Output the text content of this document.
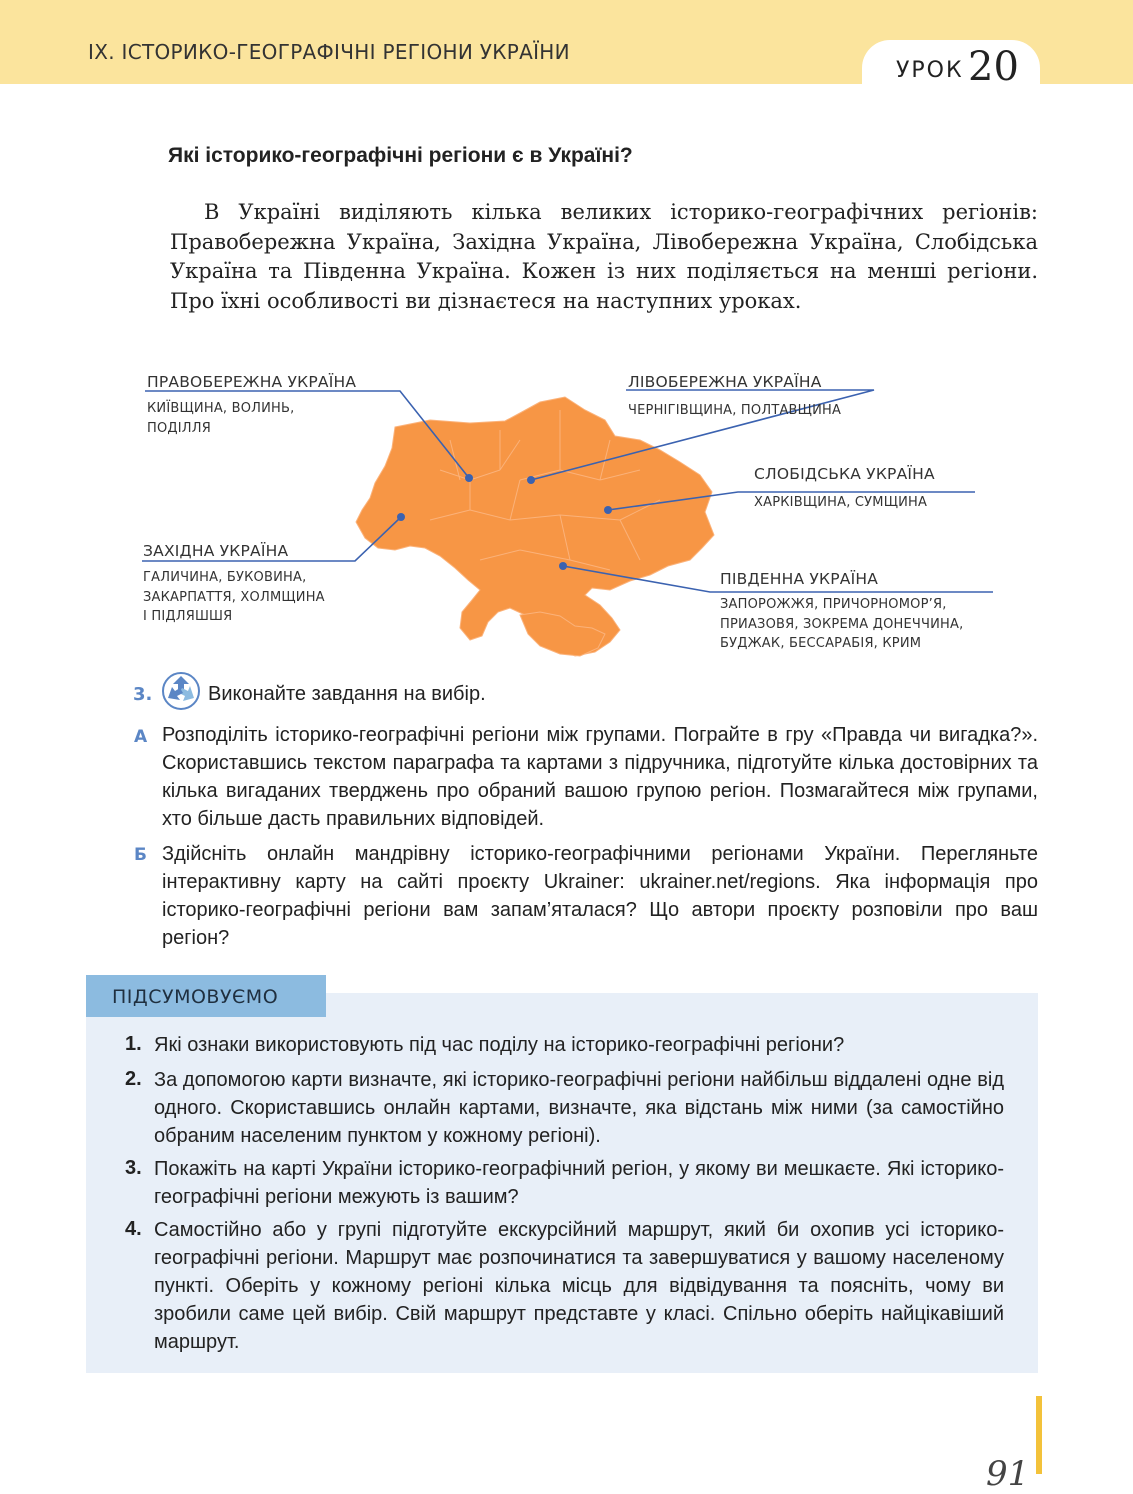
IX. ІСТОРИКО-ГЕОГРАФІЧНІ РЕГІОНИ УКРАЇНИ
УРОК 20
Які історико-географічні регіони є в Україні?
В Україні виділяють кілька великих історико-географічних регіонів: Правобережна Україна, Західна Україна, Лівобережна Україна, Слобідська Україна та Південна Україна. Кожен із них поділяється на менші регіони. Про їхні особливості ви дізнаєтеся на наступних уроках.
ПРАВОБЕРЕЖНА УКРАЇНА
КИЇВЩИНА, ВОЛИНЬ,
ПОДІЛЛЯ
ЛІВОБЕРЕЖНА УКРАЇНА
ЧЕРНІГІВЩИНА, ПОЛТАВЩИНА
СЛОБІДСЬКА УКРАЇНА
ХАРКІВЩИНА, СУМЩИНА
ЗАХІДНА УКРАЇНА
ГАЛИЧИНА, БУКОВИНА,
ЗАКАРПАТТЯ, ХОЛМЩИНА
І ПІДЛЯШШЯ
ПІВДЕННА УКРАЇНА
ЗАПОРОЖЖЯ, ПРИЧОРНОМОР’Я,
ПРИАЗОВЯ, ЗОКРЕМА ДОНЕЧЧИНА,
БУДЖАК, БЕССАРАБІЯ, КРИМ
3.	Виконайте завдання на вибір.
А Розподіліть історико-географічні регіони між групами. Пограйте в гру «Правда чи вигадка?». Скориставшись текстом параграфа та картами з підручника, підготуйте кілька достовірних та кілька вигаданих тверджень про обраний вашою групою регіон. Позмагайтеся між групами, хто більше дасть правильних відповідей.
Б Здійсніть онлайн мандрівну історико-географічними регіонами України. Перегляньте інтерактивну карту на сайті проєкту Ukrainer: ukrainer.net/regions. Яка інформація про історико-географічні регіони вам запам’яталася? Що автори проєкту розповіли про ваш регіон?
ПІДСУМОВУЄМО
1. Які ознаки використовують під час поділу на історико-географічні регіони?
2. За допомогою карти визначте, які історико-географічні регіони найбільш віддалені одне від одного. Скориставшись онлайн картами, визначте, яка відстань між ними (за самостійно обраним населеним пунктом у кожному регіоні).
3. Покажіть на карті України історико-географічний регіон, у якому ви мешкаєте. Які історико-географічні регіони межують із вашим?
4. Самостійно або у групі підготуйте екскурсійний маршрут, який би охопив усі історико-географічні регіони. Маршрут має розпочинатися та завершуватися у вашому населеному пункті. Оберіть у кожному регіоні кілька місць для відвідування та поясніть, чому ви зробили саме цей вибір. Свій маршрут представте у класі. Спільно оберіть найцікавіший маршрут.
91
